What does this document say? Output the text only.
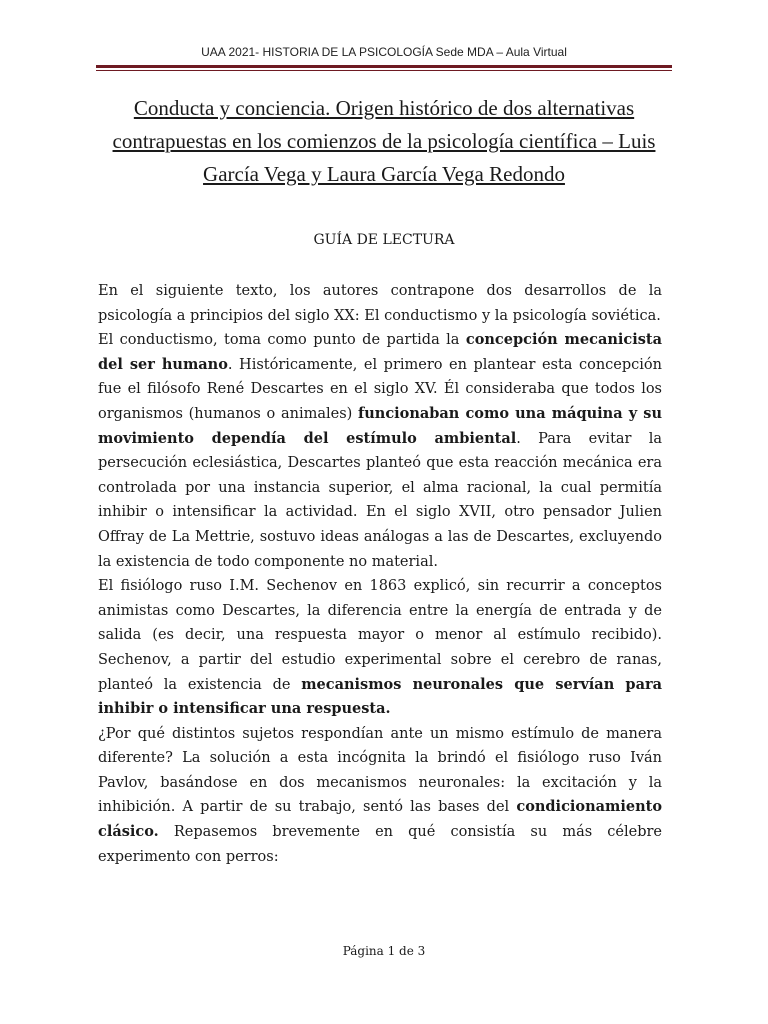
UAA 2021- HISTORIA DE LA PSICOLOGÍA Sede MDA – Aula Virtual
Conducta y conciencia. Origen histórico de dos alternativas contrapuestas en los comienzos de la psicología científica – Luis García Vega y Laura García Vega Redondo

GUÍA DE LECTURA

En el siguiente texto, los autores contrapone dos desarrollos de la psicología a principios del siglo XX: El conductismo y la psicología soviética.

El conductismo, toma como punto de partida la concepción mecanicista del ser humano. Históricamente, el primero en plantear esta concepción fue el filósofo René Descartes en el siglo XV. Él consideraba que todos los organismos (humanos o animales) funcionaban como una máquina y su movimiento dependía del estímulo ambiental. Para evitar la persecución eclesiástica, Descartes planteó que esta reacción mecánica era controlada por una instancia superior, el alma racional, la cual permitía inhibir o intensificar la actividad. En el siglo XVII, otro pensador Julien Offray de La Mettrie, sostuvo ideas análogas a las de Descartes, excluyendo la existencia de todo componente no material.

El fisiólogo ruso I.M. Sechenov en 1863 explicó, sin recurrir a conceptos animistas como Descartes, la diferencia entre la energía de entrada y de salida (es decir, una respuesta mayor o menor al estímulo recibido). Sechenov, a partir del estudio experimental sobre el cerebro de ranas, planteó la existencia de mecanismos neuronales que servían para inhibir o intensificar una respuesta.

¿Por qué distintos sujetos respondían ante un mismo estímulo de manera diferente? La solución a esta incógnita la brindó el fisiólogo ruso Iván Pavlov, basándose en dos mecanismos neuronales: la excitación y la inhibición. A partir de su trabajo, sentó las bases del condicionamiento clásico. Repasemos brevemente en qué consistía su más célebre experimento con perros:

Página 1 de 3
